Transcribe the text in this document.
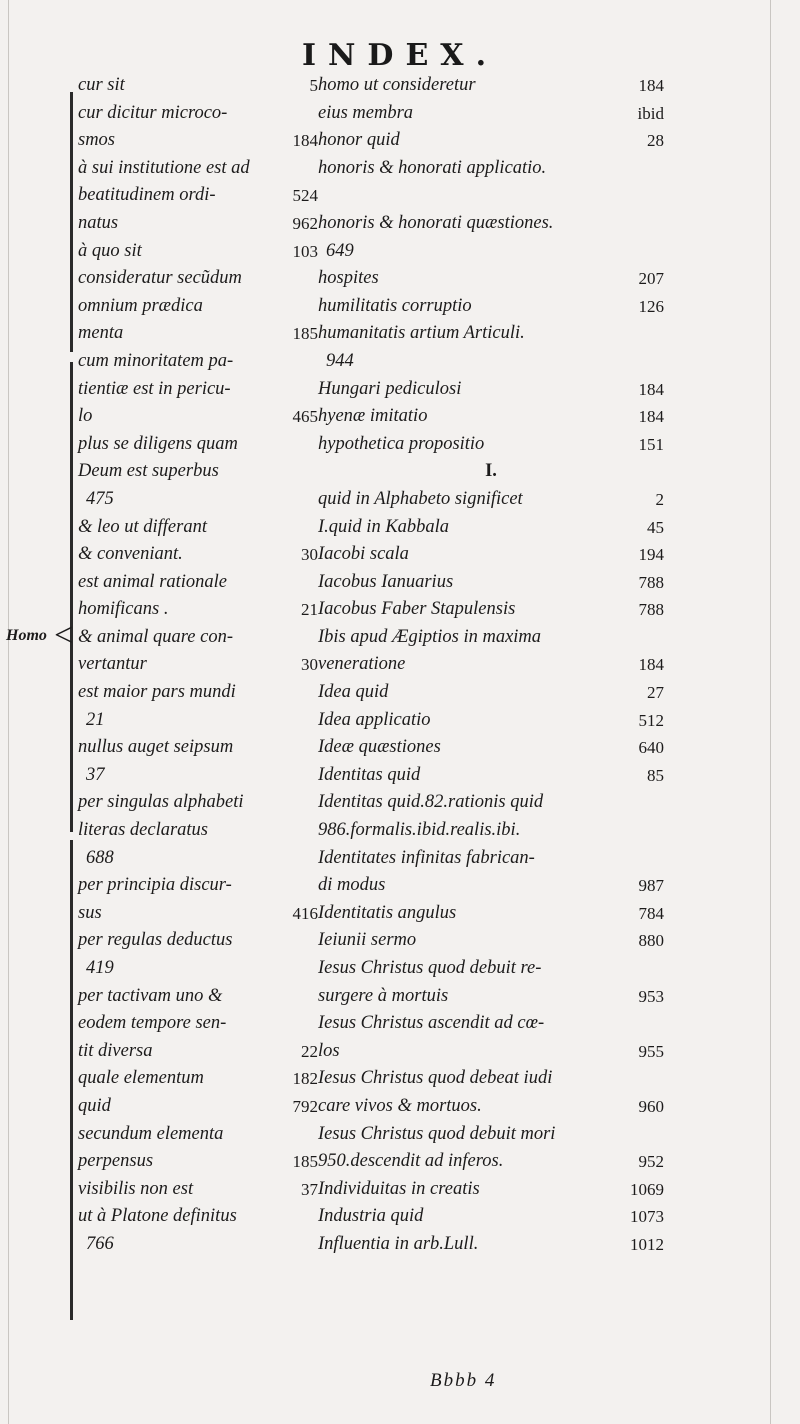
INDEX.
Homo <
cur sit	5
cur dicitur microco-
smos	184
à sui institutione est ad
beatitudinem ordi-	524
natus	962
à quo sit	103
consideratur secũdum
omnium prædica
menta	185
cum minoritatem pa-
tientiæ est in pericu-
lo	465
plus se diligens quam
Deum est superbus
475
& leo ut differant
& conveniant.	30
est animal rationale
homificans .	21
& animal quare con-
vertantur	30
est maior pars mundi
21
nullus auget seipsum
37
per singulas alphabeti
literas declaratus
688
per principia discur-
sus	416
per regulas deductus
419
per tactivam uno &
eodem tempore sen-
tit diversa	22
quale elementum	182
quid	792
secundum elementa
perpensus	185
visibilis non est	37
ut à Platone definitus
766
homo ut consideretur	184
eius membra	ibid
honor quid	28
honoris & honorati applicatio.
honoris & honorati quæstiones.
649
hospites	207
humilitatis corruptio	126
humanitatis artium Articuli.
944
Hungari pediculosi	184
hyenæ imitatio	184
hypothetica propositio	151
I.
quid in Alphabeto significet	2
I.quid in Kabbala	45
Iacobi scala	194
Iacobus Ianuarius	788
Iacobus Faber Stapulensis	788
Ibis apud Ægiptios in maxima
veneratione	184
Idea quid	27
Idea applicatio	512
Ideæ quæstiones	640
Identitas quid	85
Identitas quid.82.rationis quid
986.formalis.ibid.realis.ibi.
Identitates infinitas fabrican-
di modus	987
Identitatis angulus	784
Ieiunii sermo	880
Iesus Christus quod debuit re-
surgere à mortuis	953
Iesus Christus ascendit ad cœ-
los	955
Iesus Christus quod debeat iudi
care vivos & mortuos.	960
Iesus Christus quod debuit mori
950.descendit ad inferos.	952
Individuitas in creatis	1069
Industria quid	1073
Influentia in arb.Lull.	1012
Bbbb 4
